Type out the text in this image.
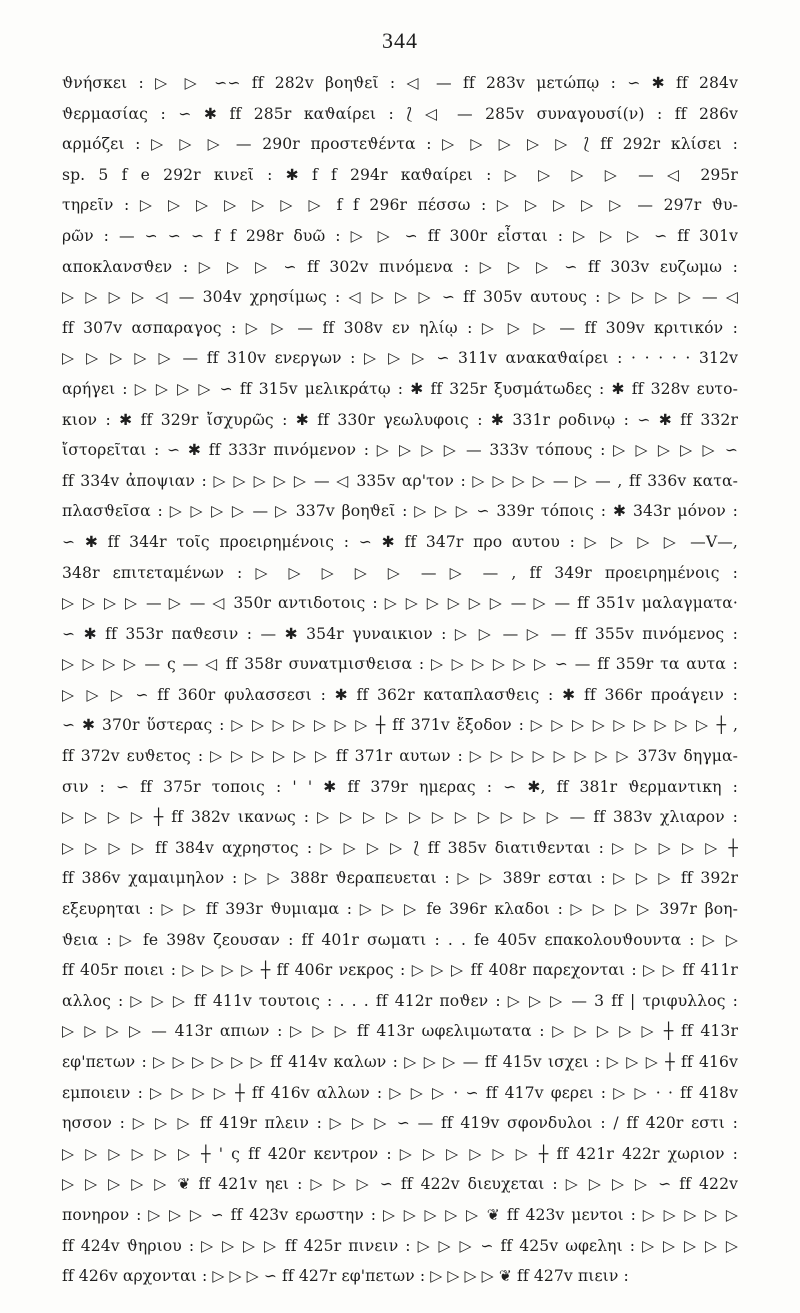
344
ϑνήσκει : ▷ ▷ ∽∽ ff 282v βοηϑεῖ : ◁ — ff 283v μετώπῳ : ∽ ✱ ff 284v
ϑερμασίας : ∽ ✱ ff 285r καϑαίρει : ⟅ ◁ — 285v συναγουσί(ν) : ff 286v
αρμόζει : ▷ ▷ ▷ — 290r προστεϑέντα : ▷ ▷ ▷ ▷ ▷ ⟅ ff 292r κλίσει :
sp. 5 f e 292r κινεῖ : ✱ f f 294r καϑαίρει : ▷ ▷ ▷ ▷ — ◁ 295r
τηρεῖν : ▷ ▷ ▷ ▷ ▷ ▷ ▷ f f 296r πέσσω : ▷ ▷ ▷ ▷ ▷ — 297r ϑυ-
ρῶν : — ∽ ∽ ∽ f f 298r δυῶ : ▷ ▷ ∽ ff 300r εἶσται : ▷ ▷ ▷ ∽ ff 301v
αποκλανσϑεν : ▷ ▷ ▷ ∽ ff 302v πινόμενα : ▷ ▷ ▷ ∽ ff 303v ευζωμω :
▷ ▷ ▷ ▷ ◁ — 304v χρησίμως : ◁ ▷ ▷ ▷ ∽ ff 305v αυτους : ▷ ▷ ▷ ▷ — ◁
ff 307v ασπαραγος : ▷ ▷ — ff 308v εν ηλίῳ : ▷ ▷ ▷ — ff 309v κριτικόν :
▷ ▷ ▷ ▷ ▷ — ff 310v ενεργων : ▷ ▷ ▷ ∽ 311v ανακαϑαίρει : · · · · · 312v
αρήγει : ▷ ▷ ▷ ▷ ∽ ff 315v μελικράτῳ : ✱ ff 325r ξυσμάτωδες : ✱ ff 328v ευτο-
κιον : ✱ ff 329r ἴσχυρῶς : ✱ ff 330r γεωλυφοις : ✱ 331r ροδινῳ : ∽ ✱ ff 332r
ἴστορεῖται : ∽ ✱ ff 333r πινόμενον : ▷ ▷ ▷ ▷ — 333v τόπους : ▷ ▷ ▷ ▷ ▷ ∽
ff 334v ἀποψιαν : ▷ ▷ ▷ ▷ ▷ — ◁ 335v αρ'τον : ▷ ▷ ▷ ▷ — ▷ — , ff 336v κατα-
πλασϑεῖσα : ▷ ▷ ▷ ▷ — ▷ 337v βοηϑεῖ : ▷ ▷ ▷ ∽ 339r τόποις : ✱ 343r μόνον :
∽ ✱ ff 344r τοῖς προειρημένοις : ∽ ✱ ff 347r προ αυτου : ▷ ▷ ▷ ▷ —V—,
348r επιτεταμένων : ▷ ▷ ▷ ▷ ▷ — ▷ — , ff 349r προειρημένοις :
▷ ▷ ▷ ▷ — ▷ — ◁ 350r αντιδοτοις : ▷ ▷ ▷ ▷ ▷ ▷ — ▷ — ff 351v μαλαγματα·
∽ ✱ ff 353r παϑεσιν : — ✱ 354r γυναικιον : ▷ ▷ — ▷ — ff 355v πινόμενος :
▷ ▷ ▷ ▷ — ς — ◁ ff 358r συνατμισϑεισα : ▷ ▷ ▷ ▷ ▷ ▷ ∽ — ff 359r τα αυτα :
▷ ▷ ▷ ∽ ff 360r φυλασσεσι : ✱ ff 362r καταπλασϑεις : ✱ ff 366r προάγειν :
∽ ✱ 370r ὕστερας : ▷ ▷ ▷ ▷ ▷ ▷ ▷ ┼ ff 371v ἔξοδον : ▷ ▷ ▷ ▷ ▷ ▷ ▷ ▷ ▷ ┼ ,
ff 372v ευϑετος : ▷ ▷ ▷ ▷ ▷ ▷ ff 371r αυτων : ▷ ▷ ▷ ▷ ▷ ▷ ▷ ▷ 373v δηγμα-
σιν : ∽ ff 375r τοποις : ' ' ✱ ff 379r ημερας : ∽ ✱, ff 381r ϑερμαντικη :
▷ ▷ ▷ ▷ ┼ ff 382v ικανως : ▷ ▷ ▷ ▷ ▷ ▷ ▷ ▷ ▷ ▷ ▷ — ff 383v χλιαρον :
▷ ▷ ▷ ▷ ff 384v αχρηστος : ▷ ▷ ▷ ▷ ⟅ ff 385v διατιϑενται : ▷ ▷ ▷ ▷ ▷ ┼
ff 386v χαμαιμηλον : ▷ ▷ 388r ϑεραπευεται : ▷ ▷ 389r εσται : ▷ ▷ ▷ ff 392r
εξευρηται : ▷ ▷ ff 393r ϑυμιαμα : ▷ ▷ ▷ fe 396r κλαδοι : ▷ ▷ ▷ ▷ 397r βοη-
ϑεια : ▷ fe 398v ζεουσαν : ff 401r σωματι : . . fe 405v επακολουϑουντα : ▷ ▷
ff 405r ποιει : ▷ ▷ ▷ ▷ ┼ ff 406r νεκρος : ▷ ▷ ▷ ff 408r παρεχονται : ▷ ▷ ff 411r
αλλος : ▷ ▷ ▷ ff 411v τουτοις : . . . ff 412r ποϑεν : ▷ ▷ ▷ — 3 ff | τριφυλλος :
▷ ▷ ▷ ▷ — 413r απιων : ▷ ▷ ▷ ff 413r ωφελιμωτατα : ▷ ▷ ▷ ▷ ▷ ┼ ff 413r
εφ'πετων : ▷ ▷ ▷ ▷ ▷ ▷ ff 414v καλων : ▷ ▷ ▷ — ff 415v ισχει : ▷ ▷ ▷ ┼ ff 416v
εμποιειν : ▷ ▷ ▷ ▷ ┼ ff 416v αλλων : ▷ ▷ ▷ · ∽ ff 417v φερει : ▷ ▷ · · ff 418v
ησσον : ▷ ▷ ▷ ff 419r πλειν : ▷ ▷ ▷ ∽ — ff 419v σφονδυλοι : / ff 420r εστι :
▷ ▷ ▷ ▷ ▷ ▷ ┼ ' ς ff 420r κεντρον : ▷ ▷ ▷ ▷ ▷ ▷ ┼ ff 421r 422r χωριον :
▷ ▷ ▷ ▷ ▷ ❦ ff 421v ηει : ▷ ▷ ▷ ∽ ff 422v διευχεται : ▷ ▷ ▷ ▷ ∽ ff 422v
πονηρον : ▷ ▷ ▷ ∽ ff 423v ερωστην : ▷ ▷ ▷ ▷ ▷ ❦ ff 423v μεντοι : ▷ ▷ ▷ ▷ ▷
ff 424v ϑηριου : ▷ ▷ ▷ ▷ ff 425r πινειν : ▷ ▷ ▷ ∽ ff 425v ωφεληι : ▷ ▷ ▷ ▷ ▷
ff 426v αρχονται : ▷ ▷ ▷ ∽ ff 427r εφ'πετων : ▷ ▷ ▷ ▷ ❦ ff 427v πιειν :
